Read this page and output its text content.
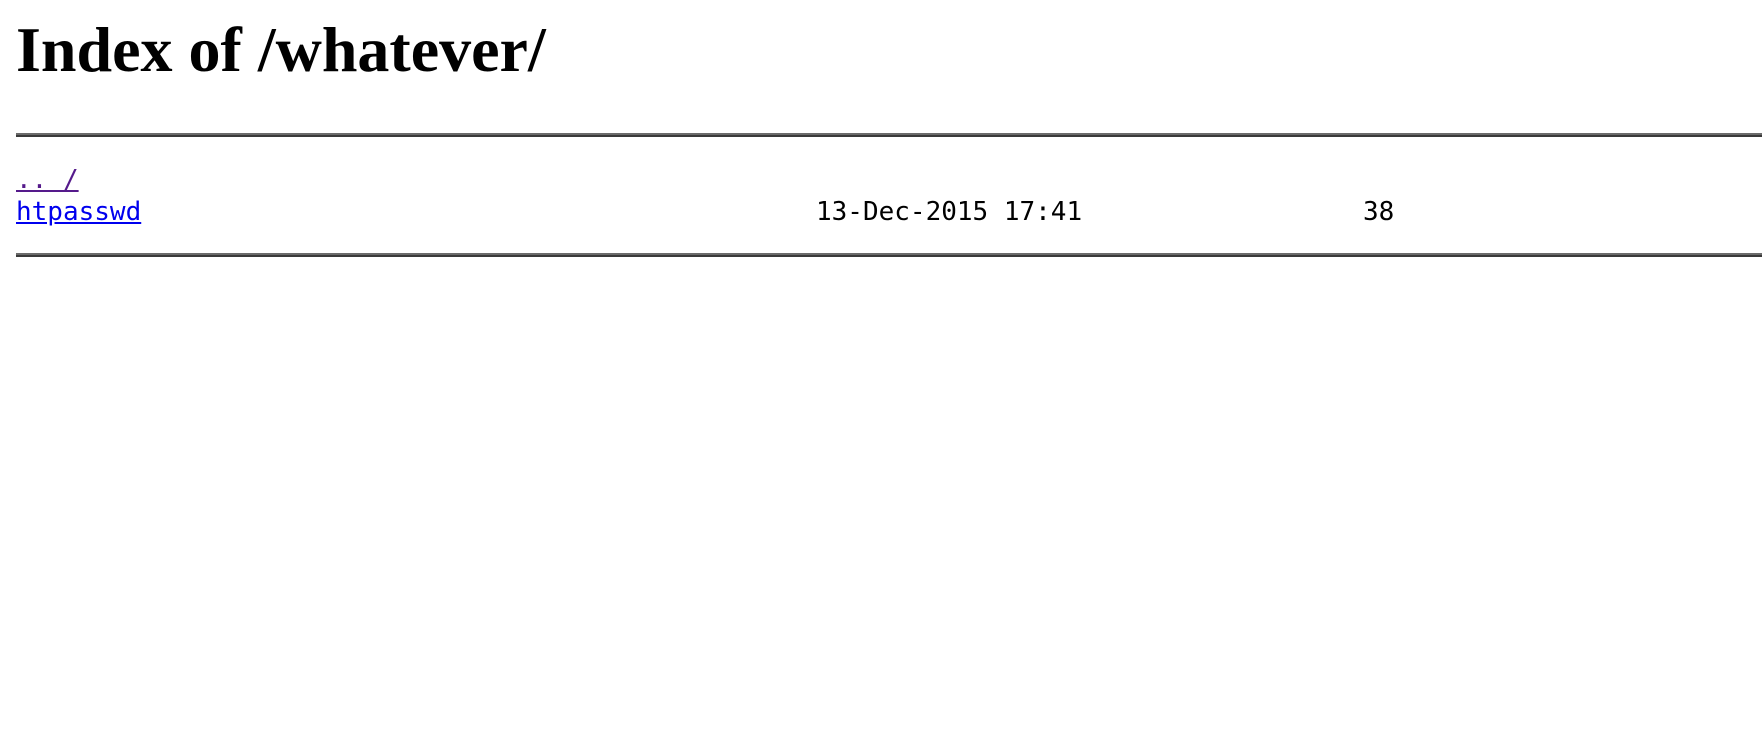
Index of /whatever/
.. /
htpasswd	13-Dec-2015 17:41	38
